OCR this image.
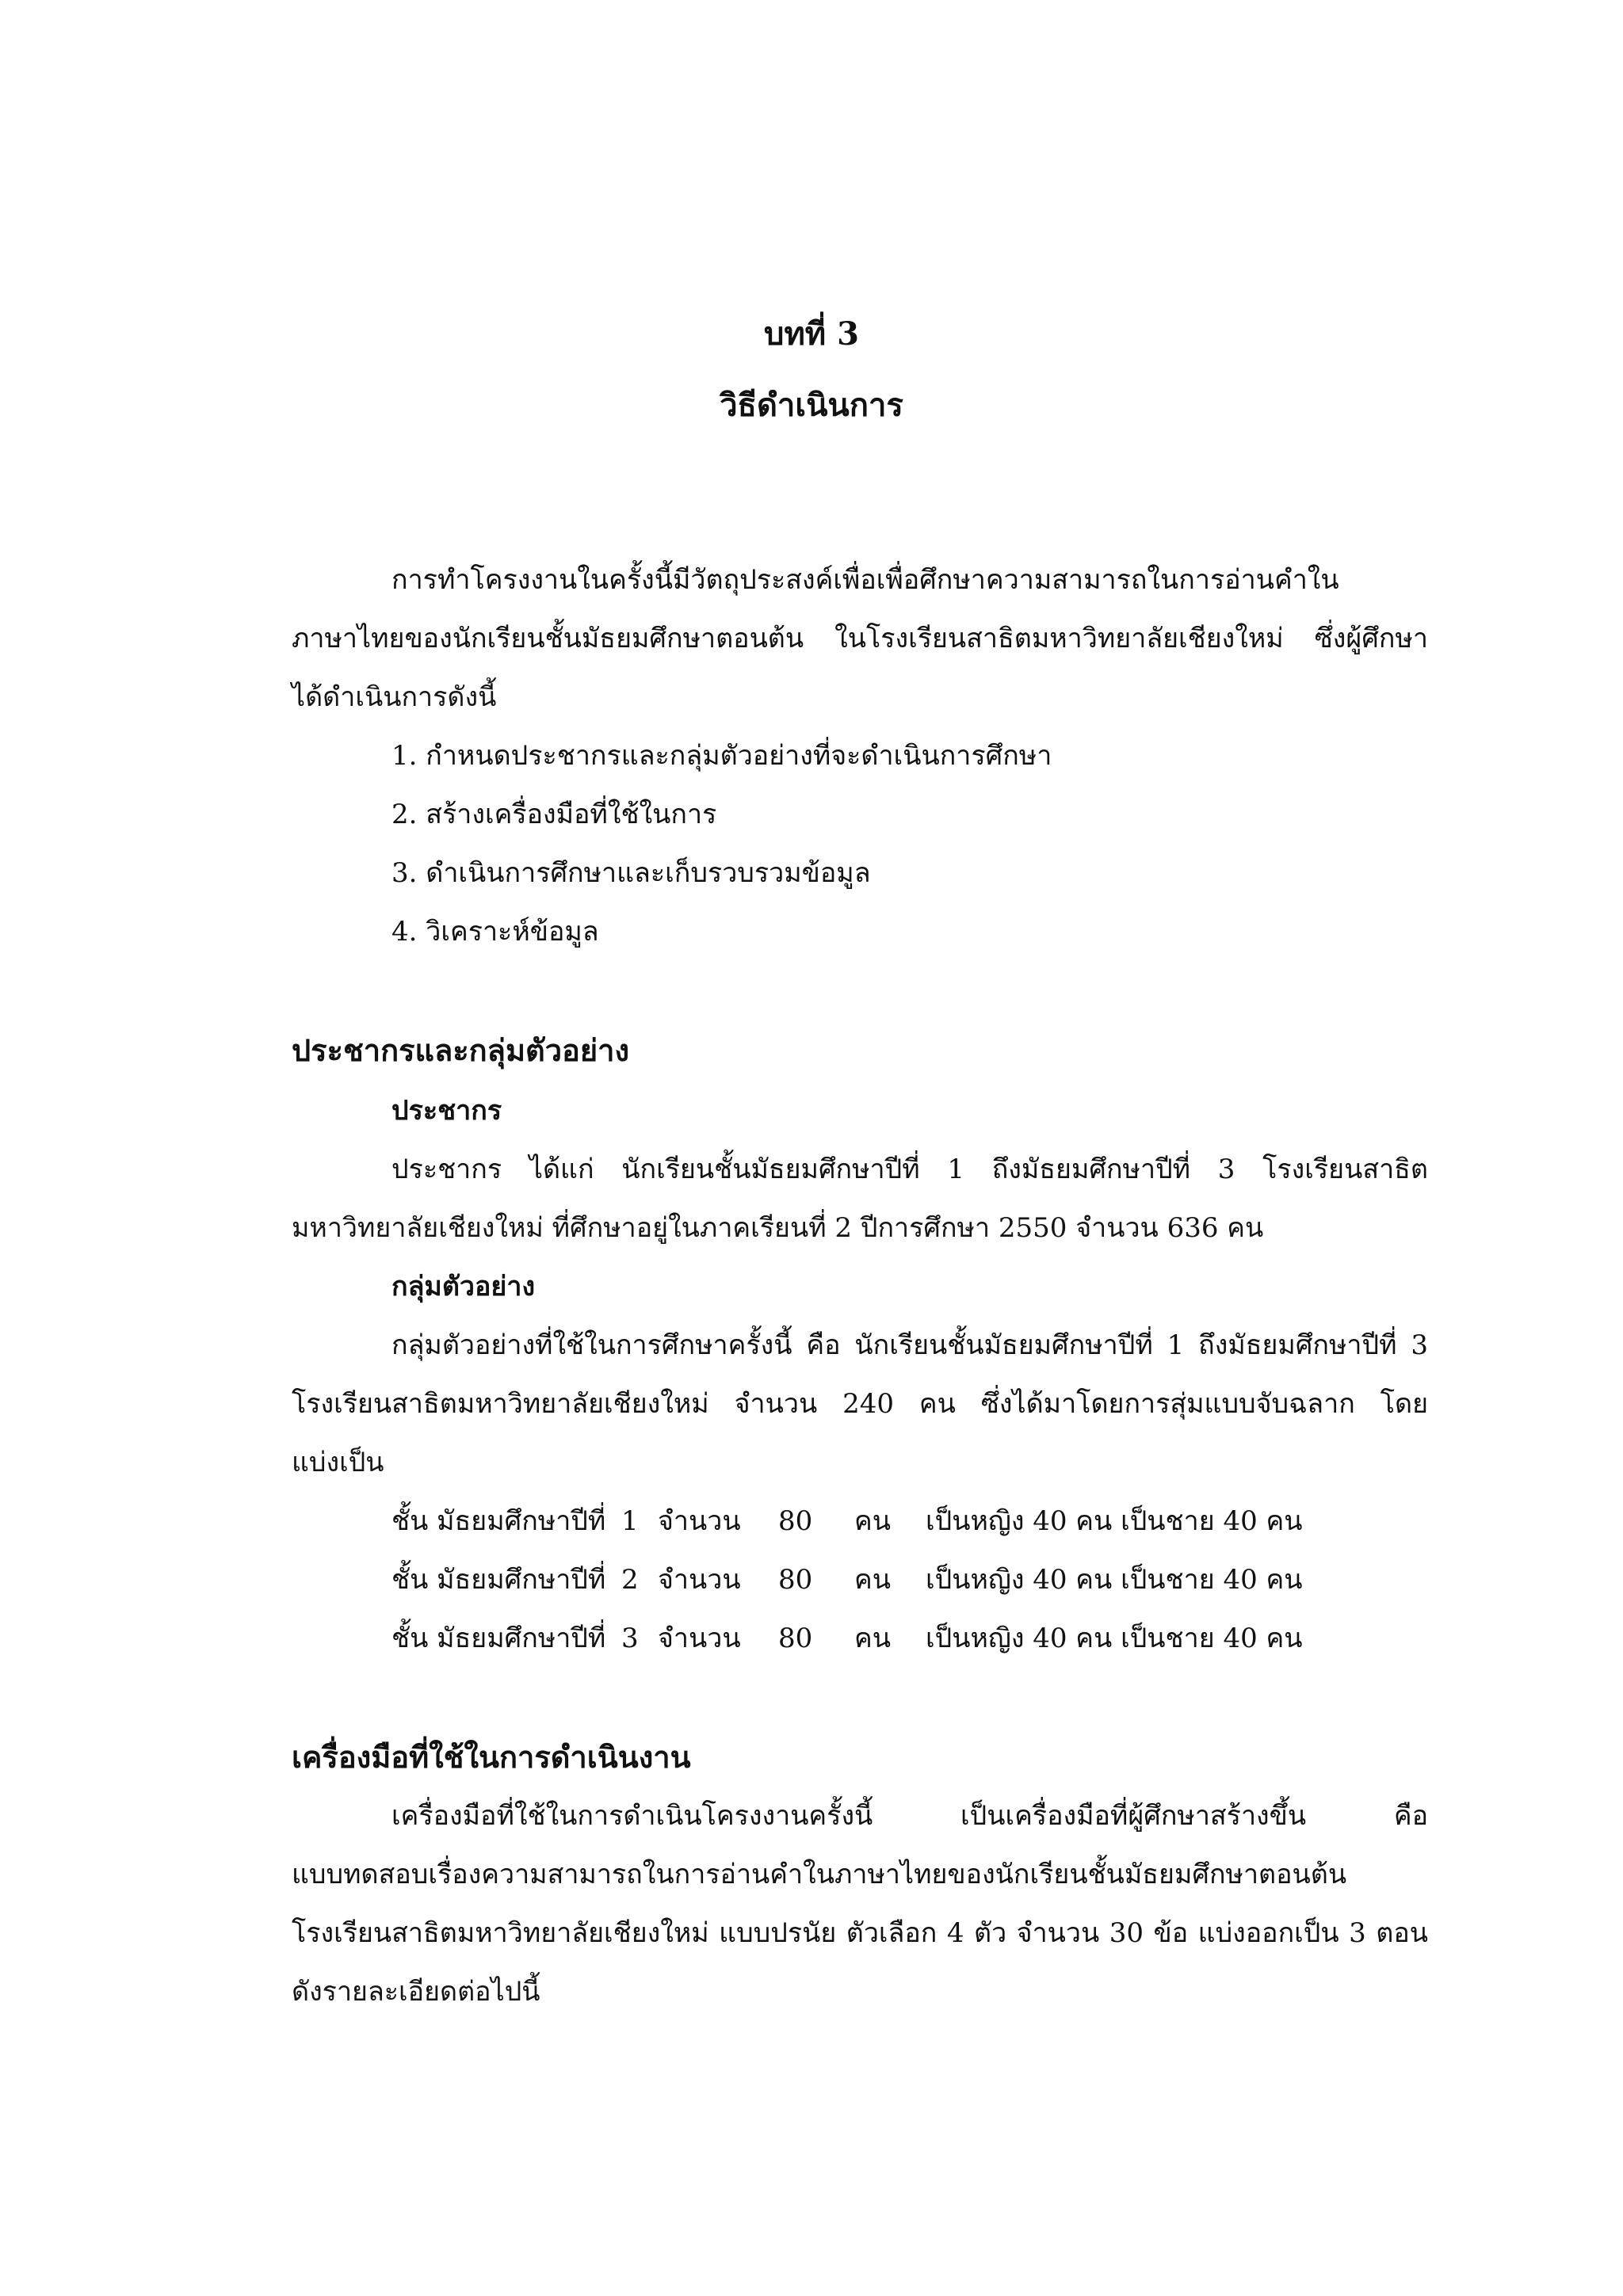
บทที่ 3
วิธีดำเนินการ
การทำโครงงานในครั้งนี้มีวัตถุประสงค์เพื่อเพื่อศึกษาความสามารถในการอ่านคำใน
ภาษาไทยของนักเรียนชั้นมัธยมศึกษาตอนต้น ในโรงเรียนสาธิตมหาวิทยาลัยเชียงใหม่ ซึ่งผู้ศึกษา
ได้ดำเนินการดังนี้
1. กำหนดประชากรและกลุ่มตัวอย่างที่จะดำเนินการศึกษา
2. สร้างเครื่องมือที่ใช้ในการ
3. ดำเนินการศึกษาและเก็บรวบรวมข้อมูล
4. วิเคราะห์ข้อมูล
ประชากรและกลุ่มตัวอย่าง
ประชากร
ประชากร ได้แก่ นักเรียนชั้นมัธยมศึกษาปีที่ 1 ถึงมัธยมศึกษาปีที่ 3 โรงเรียนสาธิต
มหาวิทยาลัยเชียงใหม่ ที่ศึกษาอยู่ในภาคเรียนที่ 2 ปีการศึกษา 2550 จำนวน 636 คน
กลุ่มตัวอย่าง
กลุ่มตัวอย่างที่ใช้ในการศึกษาครั้งนี้ คือ นักเรียนชั้นมัธยมศึกษาปีที่ 1 ถึงมัธยมศึกษาปีที่ 3
โรงเรียนสาธิตมหาวิทยาลัยเชียงใหม่ จำนวน 240 คน ซึ่งได้มาโดยการสุ่มแบบจับฉลาก โดย
แบ่งเป็น
ชั้น มัธยมศึกษาปีที่ 1 จำนวน 80 คน เป็นหญิง 40 คน เป็นชาย 40 คน
ชั้น มัธยมศึกษาปีที่ 2 จำนวน 80 คน เป็นหญิง 40 คน เป็นชาย 40 คน
ชั้น มัธยมศึกษาปีที่ 3 จำนวน 80 คน เป็นหญิง 40 คน เป็นชาย 40 คน
เครื่องมือที่ใช้ในการดำเนินงาน
เครื่องมือที่ใช้ในการดำเนินโครงงานครั้งนี้ เป็นเครื่องมือที่ผู้ศึกษาสร้างขึ้น คือ
แบบทดสอบเรื่องความสามารถในการอ่านคำในภาษาไทยของนักเรียนชั้นมัธยมศึกษาตอนต้น
โรงเรียนสาธิตมหาวิทยาลัยเชียงใหม่ แบบปรนัย ตัวเลือก 4 ตัว จำนวน 30 ข้อ แบ่งออกเป็น 3 ตอน
ดังรายละเอียดต่อไปนี้
